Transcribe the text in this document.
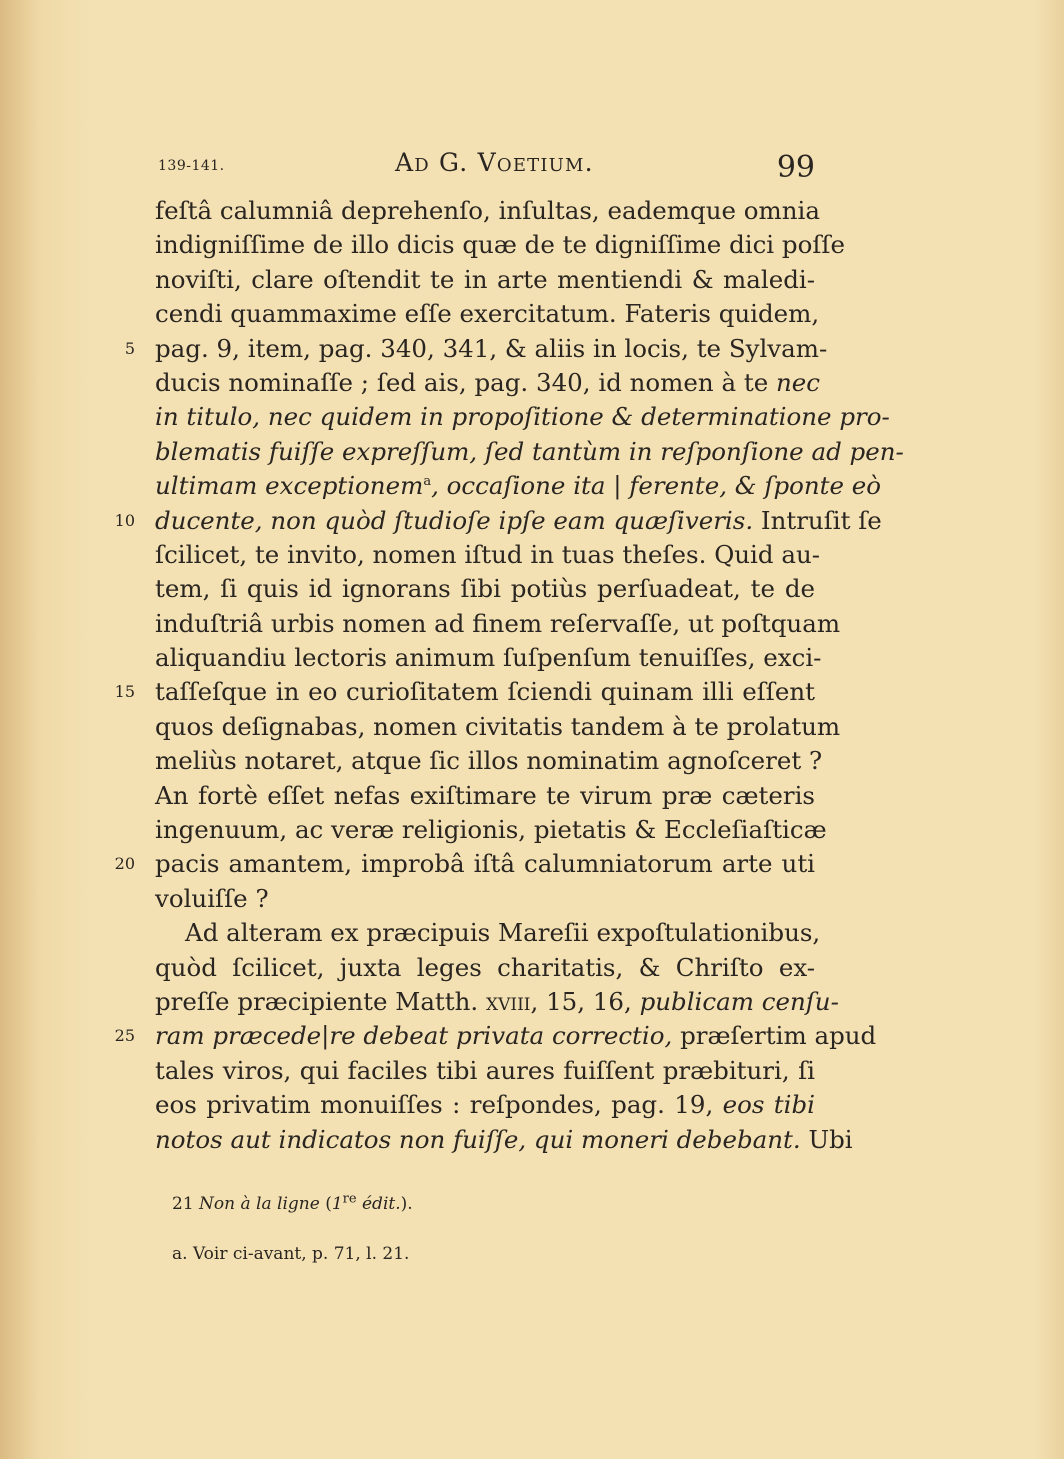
139-141.	Ad G. Voetium.	99
feſtâ calumniâ deprehenſo, inſultas, eademque omnia
indigniſſime de illo dicis quæ de te digniſſime dici poſſe
noviſti, clare oſtendit te in arte mentiendi & maledi-
cendi quammaxime eſſe exercitatum. Fateris quidem,
5 pag. 9, item, pag. 340, 341, & aliis in locis, te Sylvam-
ducis nominaſſe ; ſed ais, pag. 340, id nomen à te nec
in titulo, nec quidem in propoſitione & determinatione pro-
blematis fuiſſe expreſſum, ſed tantùm in reſponſione ad pen-
ultimam exceptionem$^a$, occaſione ita | ferente, & ſponte eò
10 ducente, non quòd ſtudioſe ipſe eam quæſiveris. Intruſit ſe
ſcilicet, te invito, nomen iſtud in tuas theſes. Quid au-
tem, ſi quis id ignorans ſibi potiùs perſuadeat, te de
induſtriâ urbis nomen ad finem reſervaſſe, ut poſtquam
aliquandiu lectoris animum ſuſpenſum tenuiſſes, exci-
15 taſſeſque in eo curioſitatem ſciendi quinam illi eſſent
quos deſignabas, nomen civitatis tandem à te prolatum
meliùs notaret, atque ſic illos nominatim agnoſceret ?
An fortè eſſet nefas exiſtimare te virum præ cæteris
ingenuum, ac veræ religionis, pietatis & Eccleſiaſticæ
20 pacis amantem, improbâ iſtâ calumniatorum arte uti
voluiſſe ?
Ad alteram ex præcipuis Mareſii expoſtulationibus,
quòd ſcilicet, juxta leges charitatis, & Chriſto ex-
preſſe præcipiente Matth. xviii, 15, 16, publicam cenſu-
25 ram præcede|re debeat privata correctio, præſertim apud
tales viros, qui faciles tibi aures fuiſſent præbituri, ſi
eos privatim monuiſſes : reſpondes, pag. 19, eos tibi
notos aut indicatos non fuiſſe, qui moneri debebant. Ubi
21 Non à la ligne (1re édit.).
a. Voir ci-avant, p. 71, l. 21.
